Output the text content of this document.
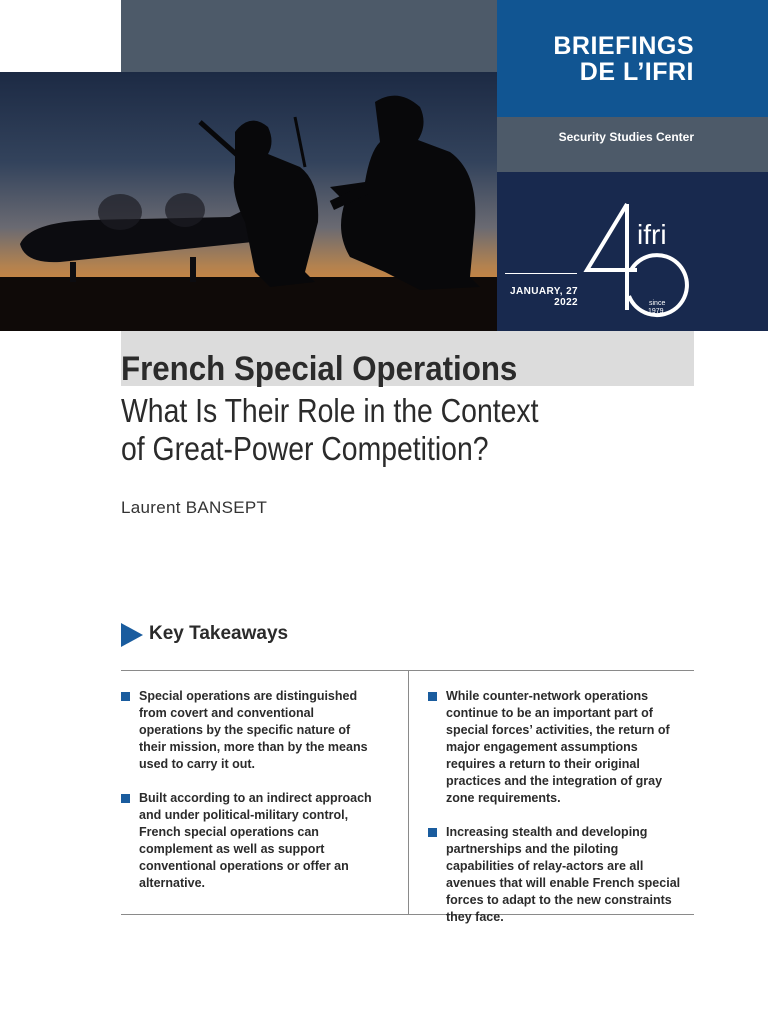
BRIEFINGS
DE L’IFRI
Security Studies Center
JANUARY, 27
2022
ifri
since
1979
French Special Operations
What Is Their Role in the Context
of Great-Power Competition?
Laurent BANSEPT
Key Takeaways
Special operations are distinguished from covert and conventional operations by the specific nature of their mission, more than by the means used to carry it out.
Built according to an indirect approach and under political-military control, French special operations can complement as well as support conventional operations or offer an alternative.
While counter-network operations continue to be an important part of special forces’ activities, the return of major engagement assumptions requires a return to their original practices and the integration of gray zone requirements.
Increasing stealth and developing partnerships and the piloting capabilities of relay-actors are all avenues that will enable French special forces to adapt to the new constraints they face.
